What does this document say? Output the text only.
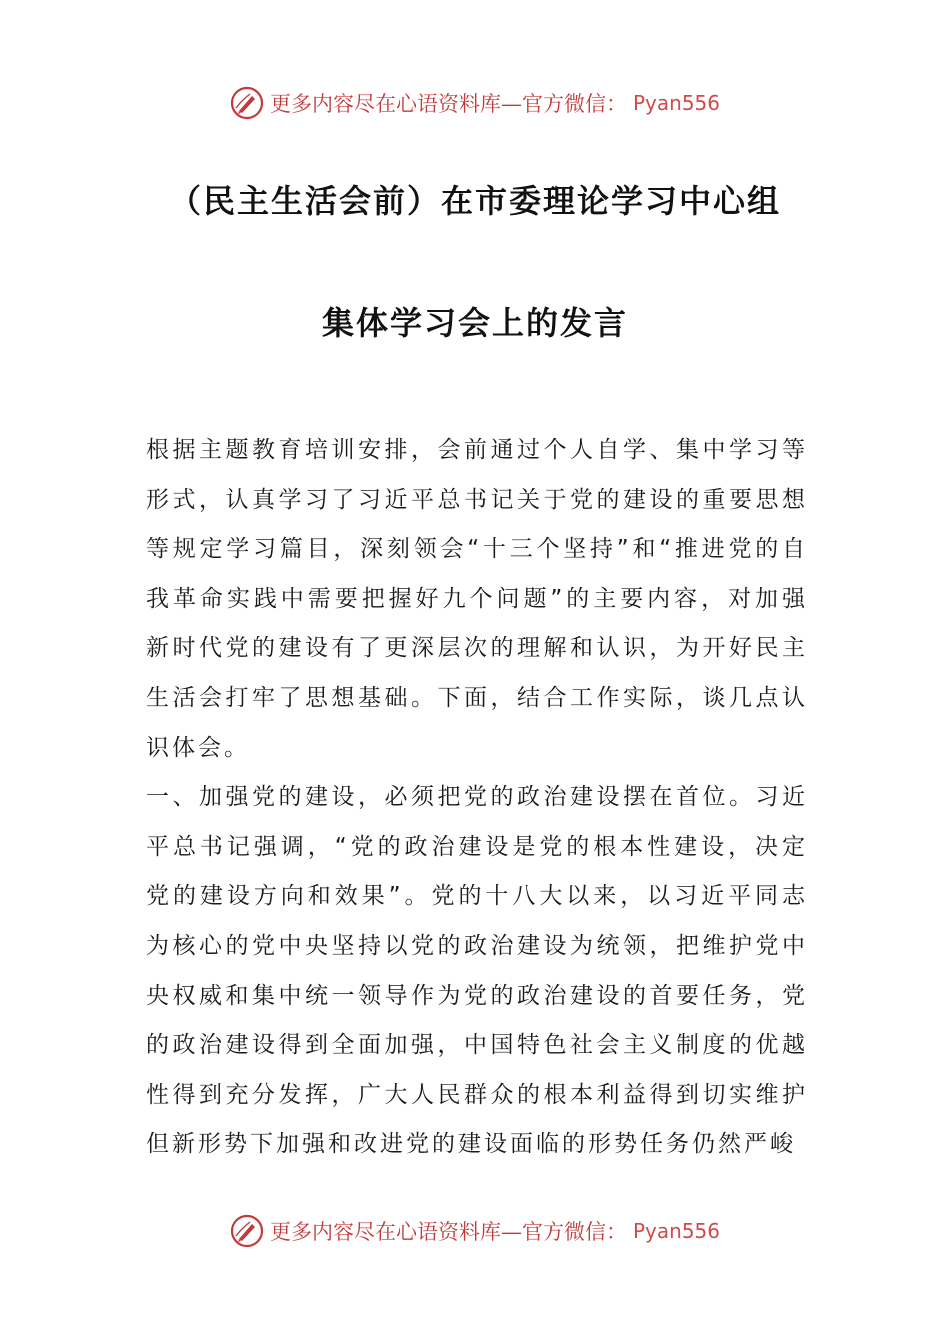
更多内容尽在心语资料库—官方微信： Pyan556
（民主生活会前）在市委理论学习中心组
集体学习会上的发言

根据主题教育培训安排，会前通过个人自学、集中学习等形式，认真学习了习近平总书记关于党的建设的重要思想等规定学习篇目，深刻领会“十三个坚持”和“推进党的自我革命实践中需要把握好九个问题”的主要内容，对加强新时代党的建设有了更深层次的理解和认识，为开好民主生活会打牢了思想基础。下面，结合工作实际，谈几点认识体会。

一、加强党的建设，必须把党的政治建设摆在首位。习近平总书记强调，“党的政治建设是党的根本性建设，决定党的建设方向和效果”。党的十八大以来，以习近平同志为核心的党中央坚持以党的政治建设为统领，把维护党中央权威和集中统一领导作为党的政治建设的首要任务，党的政治建设得到全面加强，中国特色社会主义制度的优越性得到充分发挥，广大人民群众的根本利益得到切实维护但新形势下加强和改进党的建设面临的形势任务仍然严峻

更多内容尽在心语资料库—官方微信： Pyan556
